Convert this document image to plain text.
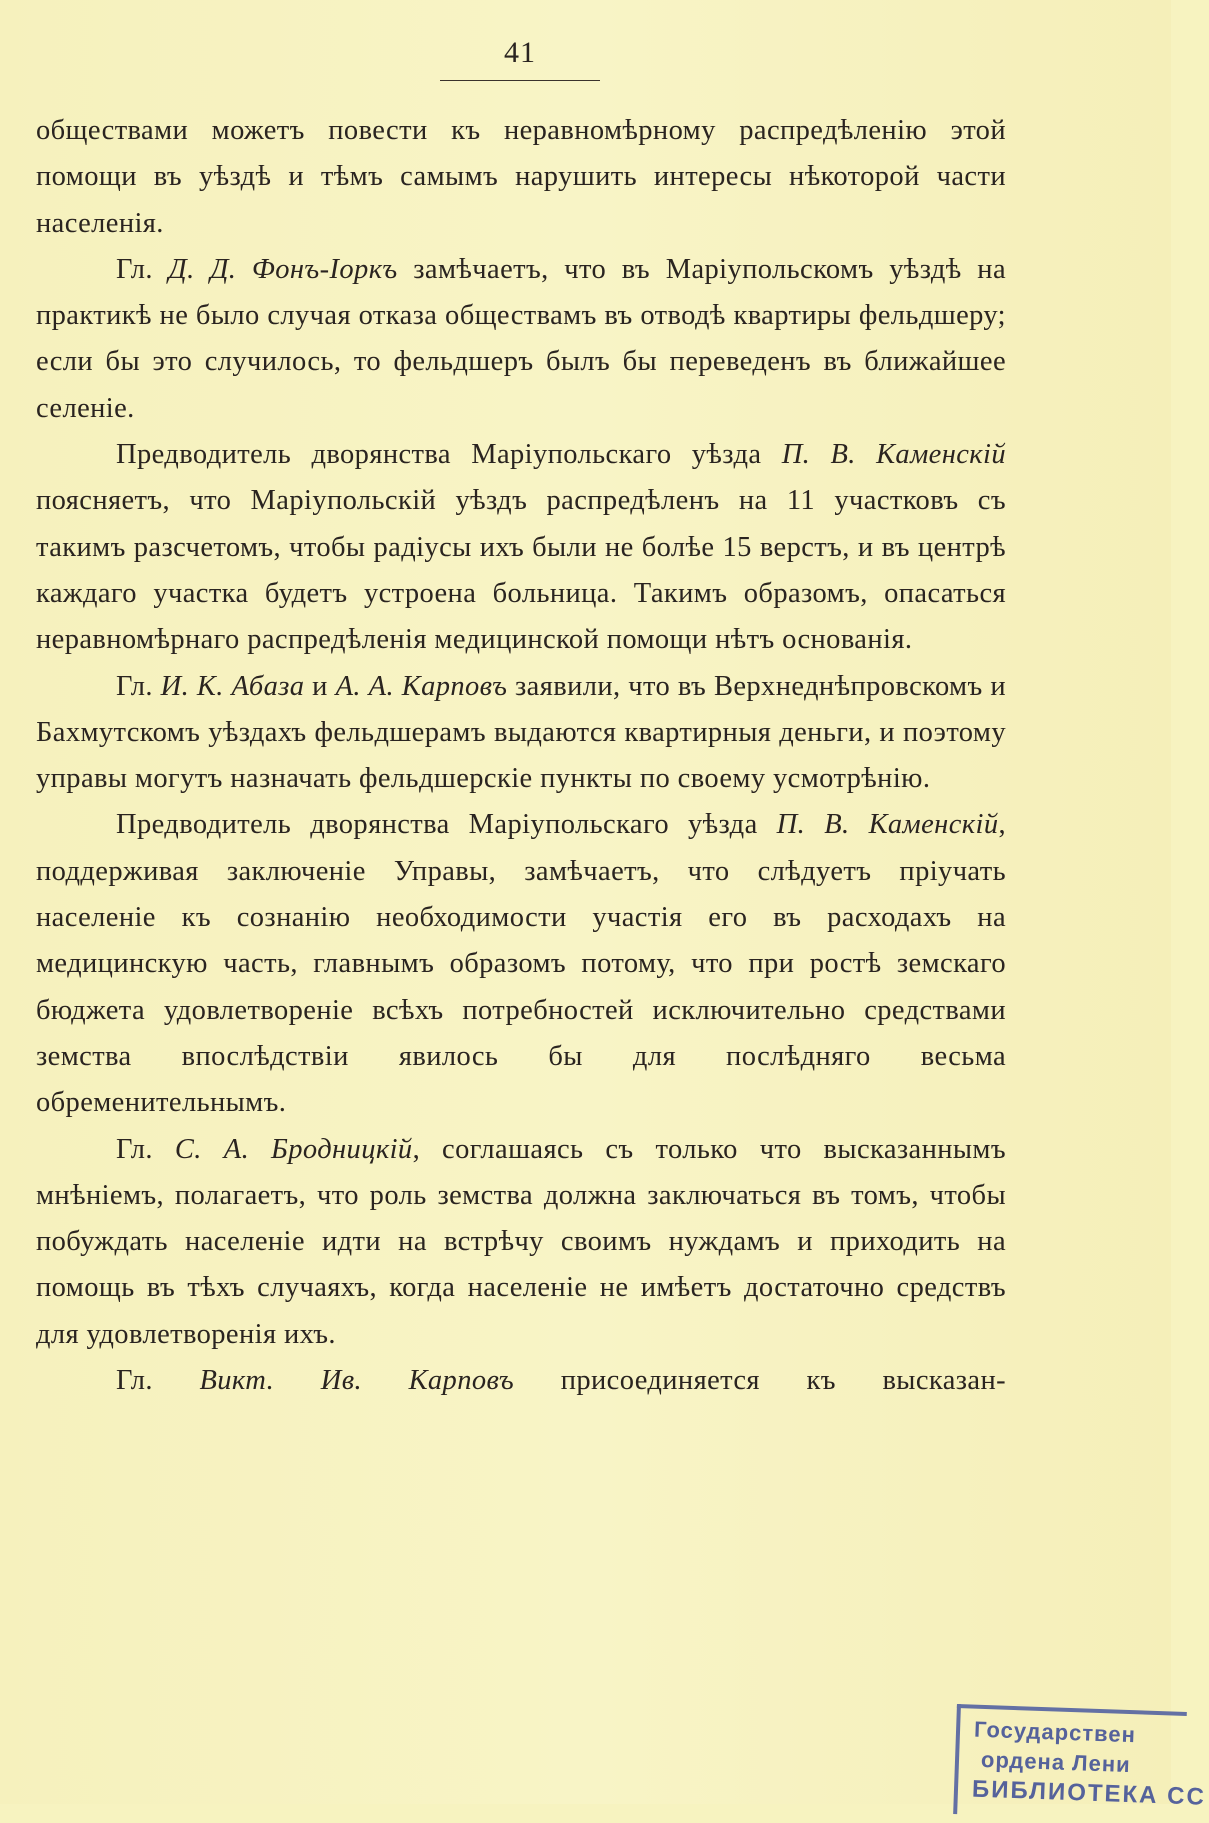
41

обществами можетъ повести къ неравномѣрному распредѣленію этой помощи въ уѣздѣ и тѣмъ самымъ нарушить интересы нѣкоторой части населенія.

Гл. Д. Д. Фонъ-Іоркъ замѣчаетъ, что въ Маріупольскомъ уѣздѣ на практикѣ не было случая отказа обществамъ въ отводѣ квартиры фельдшеру; если бы это случилось, то фельдшеръ былъ бы переведенъ въ ближайшее селеніе.

Предводитель дворянства Маріупольскаго уѣзда П. В. Каменскій поясняетъ, что Маріупольскій уѣздъ распредѣленъ на 11 участковъ съ такимъ разсчетомъ, чтобы радіусы ихъ были не болѣе 15 верстъ, и въ центрѣ каждаго участка будетъ устроена больница. Такимъ образомъ, опасаться неравномѣрнаго распредѣленія медицинской помощи нѣтъ основанія.

Гл. И. К. Абаза и А. А. Карповъ заявили, что въ Верхнеднѣпровскомъ и Бахмутскомъ уѣздахъ фельдшерамъ выдаются квартирныя деньги, и поэтому управы могутъ назначать фельдшерскіе пункты по своему усмотрѣнію.

Предводитель дворянства Маріупольскаго уѣзда П. В. Каменскій, поддерживая заключеніе Управы, замѣчаетъ, что слѣдуетъ пріучать населеніе къ сознанію необходимости участія его въ расходахъ на медицинскую часть, главнымъ образомъ потому, что при ростѣ земскаго бюджета удовлетвореніе всѣхъ потребностей исключительно средствами земства впослѣдствіи явилось бы для послѣдняго весьма обременительнымъ.

Гл. С. А. Бродницкій, соглашаясь съ только что высказаннымъ мнѣніемъ, полагаетъ, что роль земства должна заключаться въ томъ, чтобы побуждать населеніе идти на встрѣчу своимъ нуждамъ и приходить на помощь въ тѣхъ случаяхъ, когда населеніе не имѣетъ достаточно средствъ для удовлетворенія ихъ.

Гл. Викт. Ив. Карповъ присоединяется къ высказан-

Государствен
ордена Лени
БИБЛИОТЕКА СС
